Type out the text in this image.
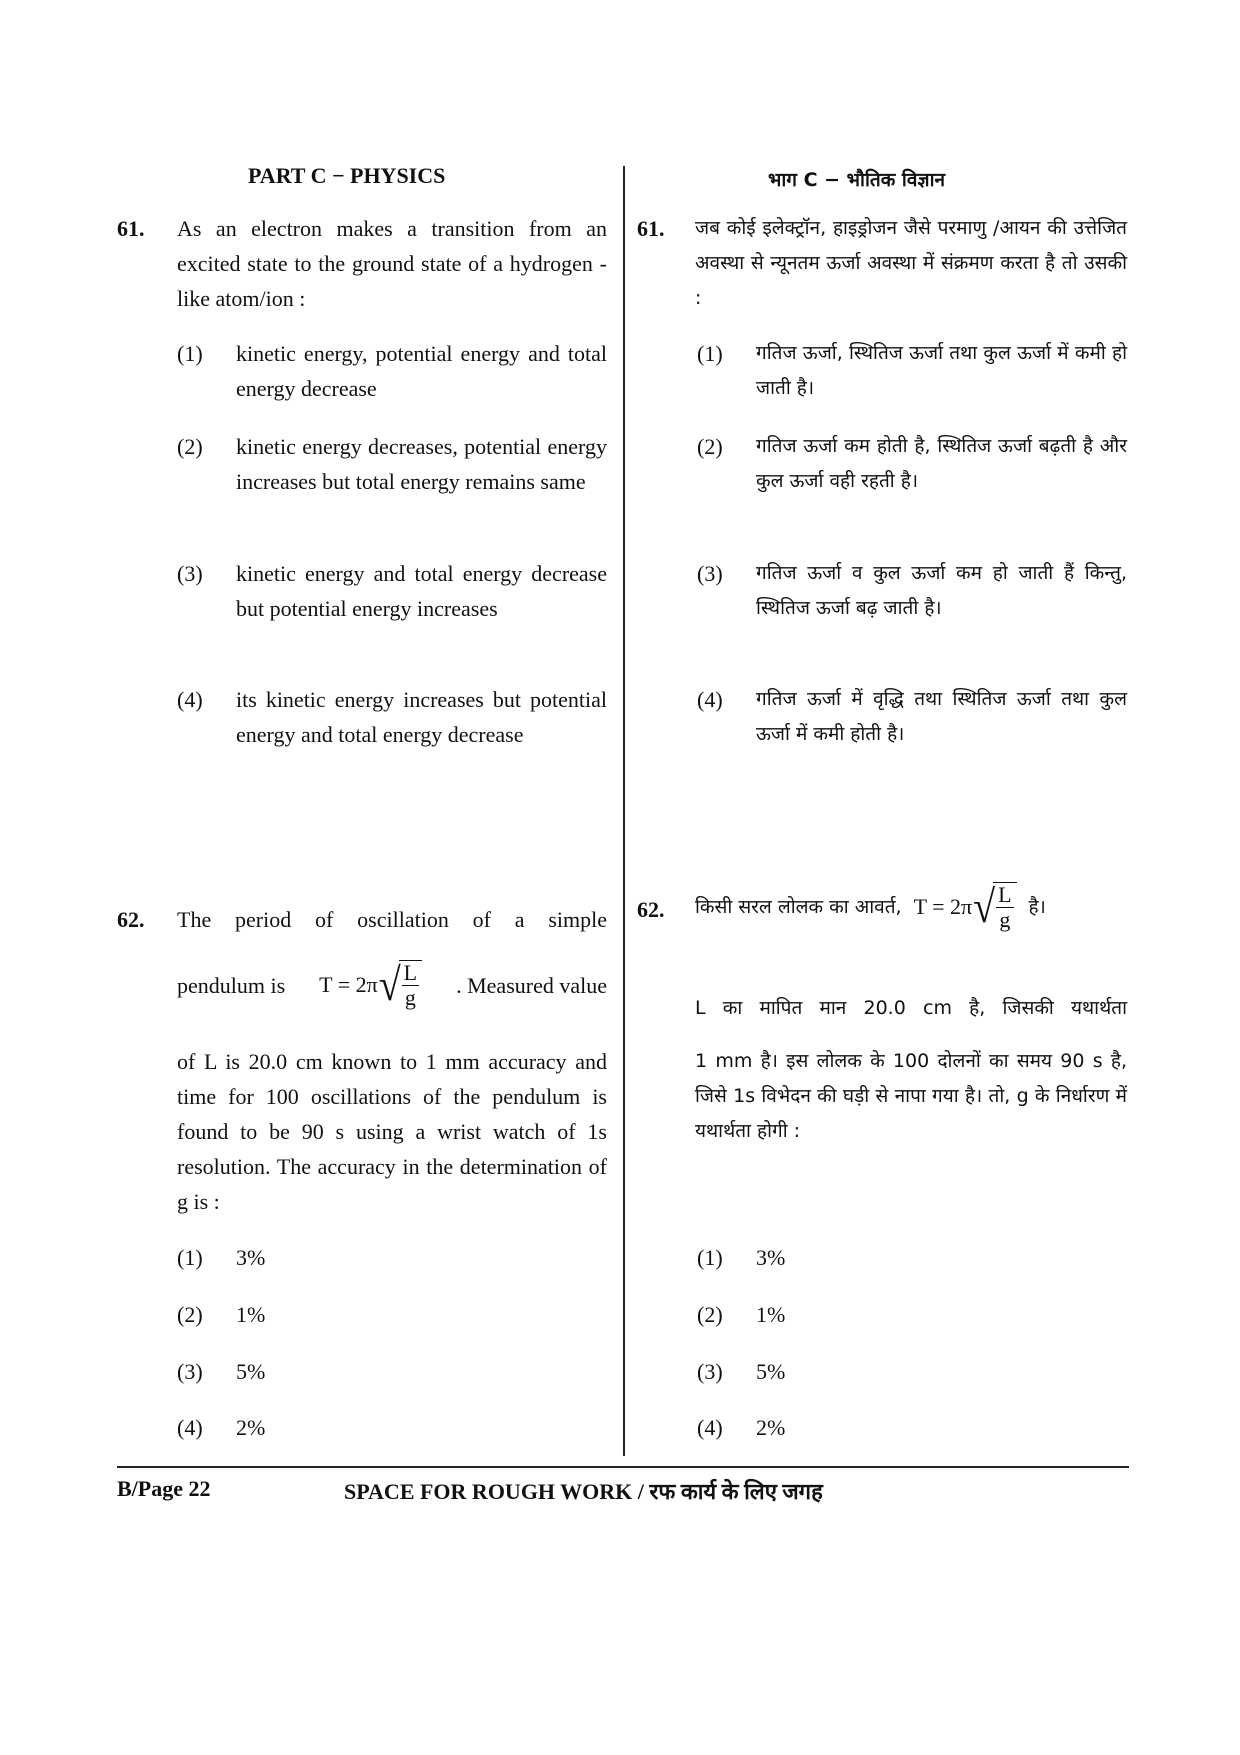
PART C − PHYSICS
61. As an electron makes a transition from an excited state to the ground state of a hydrogen - like atom/ion :
(1) kinetic energy, potential energy and total energy decrease
(2) kinetic energy decreases, potential energy increases but total energy remains same
(3) kinetic energy and total energy decrease but potential energy increases
(4) its kinetic energy increases but potential energy and total energy decrease
62. The period of oscillation of a simple
pendulum is T = 2π √
$\frac{L}{g}$ . Measured value
of L is 20.0 cm known to 1 mm accuracy and time for 100 oscillations of the pendulum is found to be 90 s using a wrist watch of 1s resolution. The accuracy in the determination of g is :
(1) 3%
(2) 1%
(3) 5%
(4) 2%
भाग C − भौतिक विज्ञान
61. जब कोई इलेक्ट्रॉन, हाइड्रोजन जैसे परमाणु /आयन की उत्तेजित अवस्था से न्यूनतम ऊर्जा अवस्था में संक्रमण करता है तो उसकी :
(1) गतिज ऊर्जा, स्थितिज ऊर्जा तथा कुल ऊर्जा में कमी हो जाती है।
(2) गतिज ऊर्जा कम होती है, स्थितिज ऊर्जा बढ़ती है और कुल ऊर्जा वही रहती है।
(3) गतिज ऊर्जा व कुल ऊर्जा कम हो जाती हैं किन्तु, स्थितिज ऊर्जा बढ़ जाती है।
(4) गतिज ऊर्जा में वृद्धि तथा स्थितिज ऊर्जा तथा कुल ऊर्जा में कमी होती है।
62. किसी सरल लोलक का आवर्त, T = 2π √
$\frac{L}{g}$ है।
L का मापित मान 20.0 cm है, जिसकी यथार्थता
1 mm है। इस लोलक के 100 दोलनों का समय 90 s है, जिसे 1s विभेदन की घड़ी से नापा गया है। तो, g के निर्धारण में यथार्थता होगी :
(1) 3%
(2) 1%
(3) 5%
(4) 2%
B/Page 22	SPACE FOR ROUGH WORK / रफ कार्य के लिए जगह
